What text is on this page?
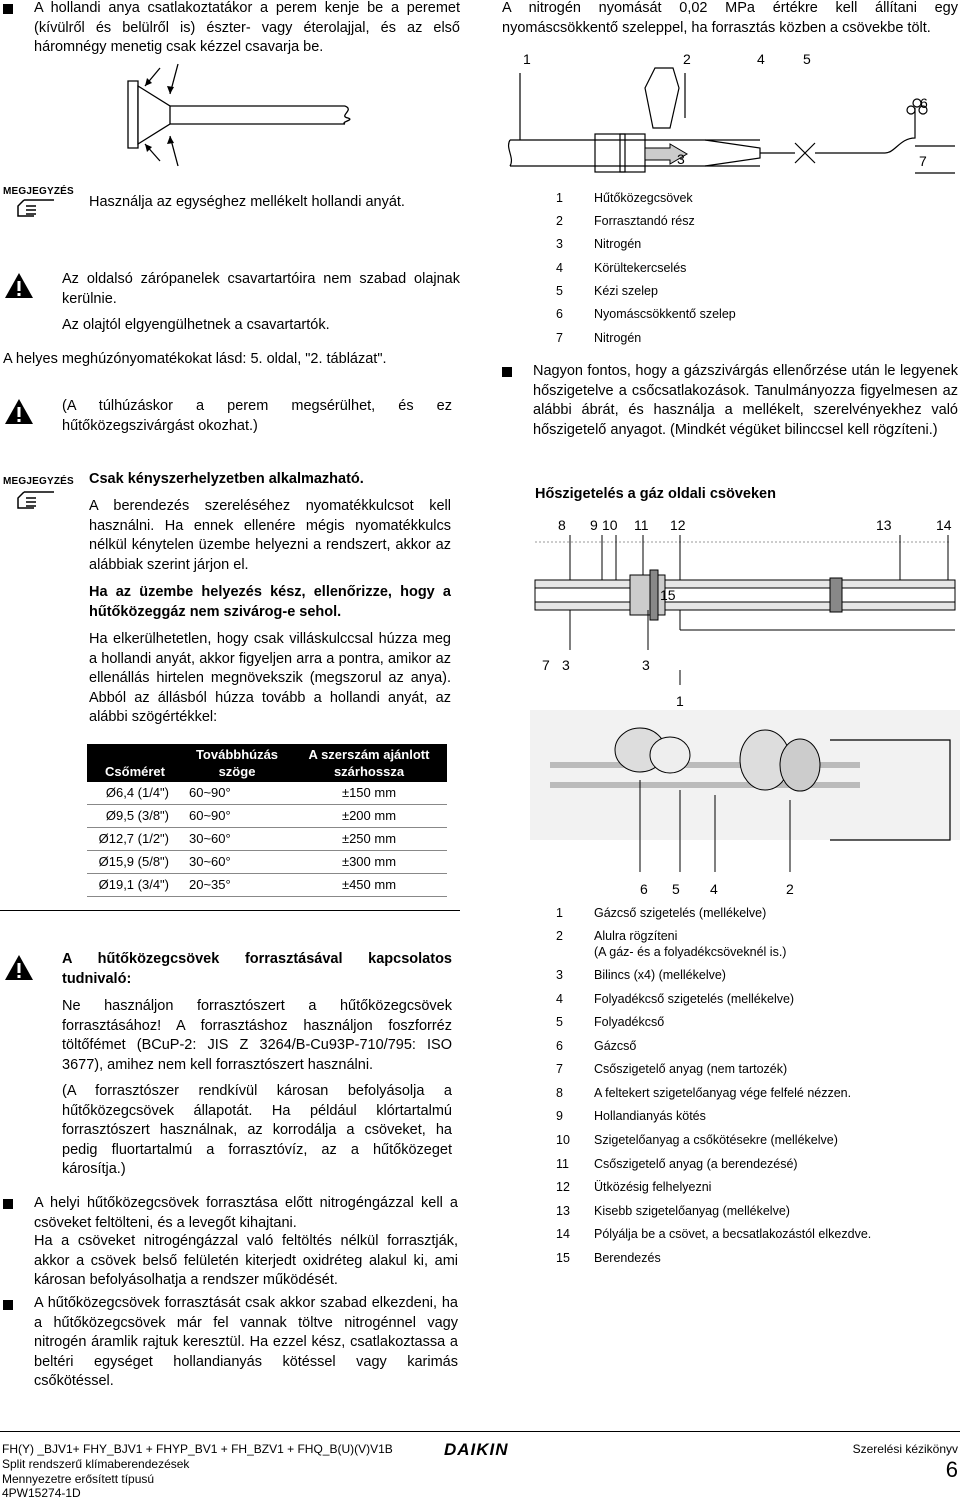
A hollandi anya csatlakoztatákor a perem kenje be a peremet (kívülről és belülről is) észter- vagy éterolajjal, és az első háromnégy menetig csak kézzel csavarja be.
MEGJEGYZÉS
Használja az egységhez mellékelt hollandi anyát.
Az oldalsó zárópanelek csavartartóira nem szabad olajnak kerülnie.
Az olajtól elgyengülhetnek a csavartartók.
A helyes meghúzónyomatékokat lásd: 5. oldal, "2. táblázat".
(A túlhúzáskor a perem megsérülhet, és ez hűtőközegszivárgást okozhat.)
MEGJEGYZÉS Csak kényszerhelyzetben alkalmazható.
A berendezés szereléséhez nyomatékkulcsot kell használni. Ha ennek ellenére mégis nyomatékkulcs nélkül kénytelen üzembe helyezni a rendszert, akkor az alábbiak szerint járjon el.
Ha az üzembe helyezés kész, ellenőrizze, hogy a hűtőközeggáz nem szivárog-e sehol.
Ha elkerülhetetlen, hogy csak villáskulccsal húzza meg a hollandi anyát, akkor figyeljen arra a pontra, amikor az ellenállás hirtelen megnövekszik (megszorul az anya). Abból az állásból húzza tovább a hollandi anyát, az alábbi szögértékkel:
Csőméret	Továbbhúzás szöge	A szerszám ajánlott szárhossza
Ø6,4 (1/4")	60~90°	±150 mm
Ø9,5 (3/8")	60~90°	±200 mm
Ø12,7 (1/2")	30~60°	±250 mm
Ø15,9 (5/8")	30~60°	±300 mm
Ø19,1 (3/4")	20~35°	±450 mm
A hűtőközegcsövek forrasztásával kapcsolatos tudnivaló:
Ne használjon forrasztószert a hűtőközegcsövek forrasztásához! A forrasztáshoz használjon foszforréz töltőfémet (BCuP-2: JIS Z 3264/B-Cu93P-710/795: ISO 3677), amihez nem kell forrasztószert használni.
(A forrasztószer rendkívül károsan befolyásolja a hűtőközegcsövek állapotát. Ha például klórtartalmú forrasztószert használnak, az korrodálja a csöveket, ha pedig fluortartalmú a forrasztóvíz, az a hűtőközeget károsítja.)
A helyi hűtőközegcsövek forrasztása előtt nitrogéngázzal kell a csöveket feltölteni, és a levegőt kihajtani.
Ha a csöveket nitrogéngázzal való feltöltés nélkül forrasztják, akkor a csövek belső felületén kiterjedt oxidréteg alakul ki, ami károsan befolyásolhatja a rendszer működését.
A hűtőközegcsövek forrasztását csak akkor szabad elkezdeni, ha a hűtőközegcsövek már fel vannak töltve nitrogénnel vagy nitrogén áramlik rajtuk keresztül. Ha ezzel kész, csatlakoztassa a beltéri egységet hollandianyás kötéssel vagy karimás csőkötéssel.
A nitrogén nyomását 0,02 MPa értékre kell állítani egy nyomáscsökkentő szeleppel, ha forrasztás közben a csövekbe tölt.
1	2	4	5
6
3	7
1	Hűtőközegcsövek
2	Forrasztandó rész
3	Nitrogén
4	Körültekercselés
5	Kézi szelep
6	Nyomáscsökkentő szelep
7	Nitrogén
Nagyon fontos, hogy a gázszivárgás ellenőrzése után le legyenek hőszigetelve a csőcsatlakozások. Tanulmányozza figyelmesen az alábbi ábrát, és használja a mellékelt, szerelvényekhez való hőszigetelő anyagot. (Mindkét végüket bilinccsel kell rögzíteni.)
Hőszigetelés a gáz oldali csöveken
8 9 10 11 12	13	14
15
7 3	3
1
6 5 4	2
1	Gázcső szigetelés (mellékelve)
2	Alulra rögzíteni
(A gáz- és a folyadékcsöveknél is.)
3	Bilincs (x4) (mellékelve)
4	Folyadékcső szigetelés (mellékelve)
5	Folyadékcső
6	Gázcső
7	Csőszigetelő anyag (nem tartozék)
8	A feltekert szigetelőanyag vége felfelé nézzen.
9	Hollandianyás kötés
10	Szigetelőanyag a csőkötésekre (mellékelve)
11	Csőszigetelő anyag (a berendezésé)
12	Ütközésig felhelyezni
13	Kisebb szigetelőanyag (mellékelve)
14	Pólyálja be a csövet, a becsatlakozástól elkezdve.
15	Berendezés
FH(Y) _BJV1+ FHY_BJV1 + FHYP_BV1 + FH_BZV1 + FHQ_B(U)(V)V1B
Split rendszerű klímaberendezések
Mennyezetre erősített típusú
4PW15274-1D
DAIKIN	Szerelési kézikönyv
6
